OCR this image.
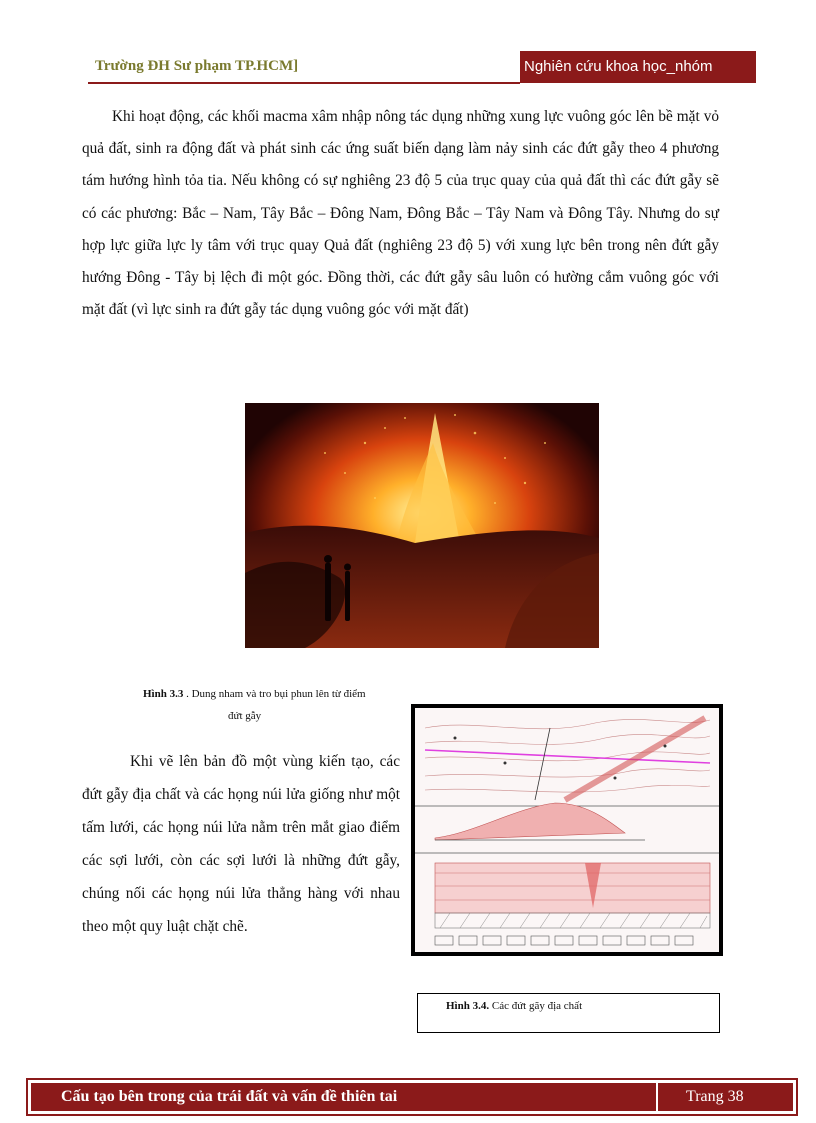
Trường ĐH Sư phạm TP.HCM]	Nghiên cứu khoa học_nhóm

Khi hoạt động, các khối macma xâm nhập nông tác dụng những xung lực vuông góc lên bề mặt vỏ quả đất, sinh ra động đất và phát sinh các ứng suất biến dạng làm nảy sinh các đứt gẫy theo 4 phương tám hướng hình tỏa tia. Nếu không có sự nghiêng 23 độ 5 của trục quay của quả đất thì các đứt gẫy sẽ có các phương: Bắc – Nam, Tây Bắc – Đông Nam, Đông Bắc – Tây Nam và Đông Tây. Nhưng do sự hợp lực giữa lực ly tâm với trục quay Quả đất (nghiêng 23 độ 5) với xung lực bên trong nên đứt gẫy hướng Đông - Tây bị lệch đi một góc. Đồng thời, các đứt gẫy sâu luôn có hường cắm vuông góc với mặt đất (vì lực sinh ra đứt gẫy tác dụng vuông góc với mặt đất)

Hình 3.3 . Dung nham và tro bụi phun lên từ điểm
đứt gẫy

Khi vẽ lên bản đồ một vùng kiến tạo, các đứt gẫy địa chất và các họng núi lửa giống như một tấm lưới, các họng núi lửa nằm trên mắt giao điểm các sợi lưới, còn các sợi lưới là những đứt gẫy, chúng nối các họng núi lửa thẳng hàng với nhau theo một quy luật chặt chẽ.

Hình 3.4. Các đứt gãy địa chất
Cấu tạo bên trong của trái đất và vấn đề thiên tai	Trang 38
